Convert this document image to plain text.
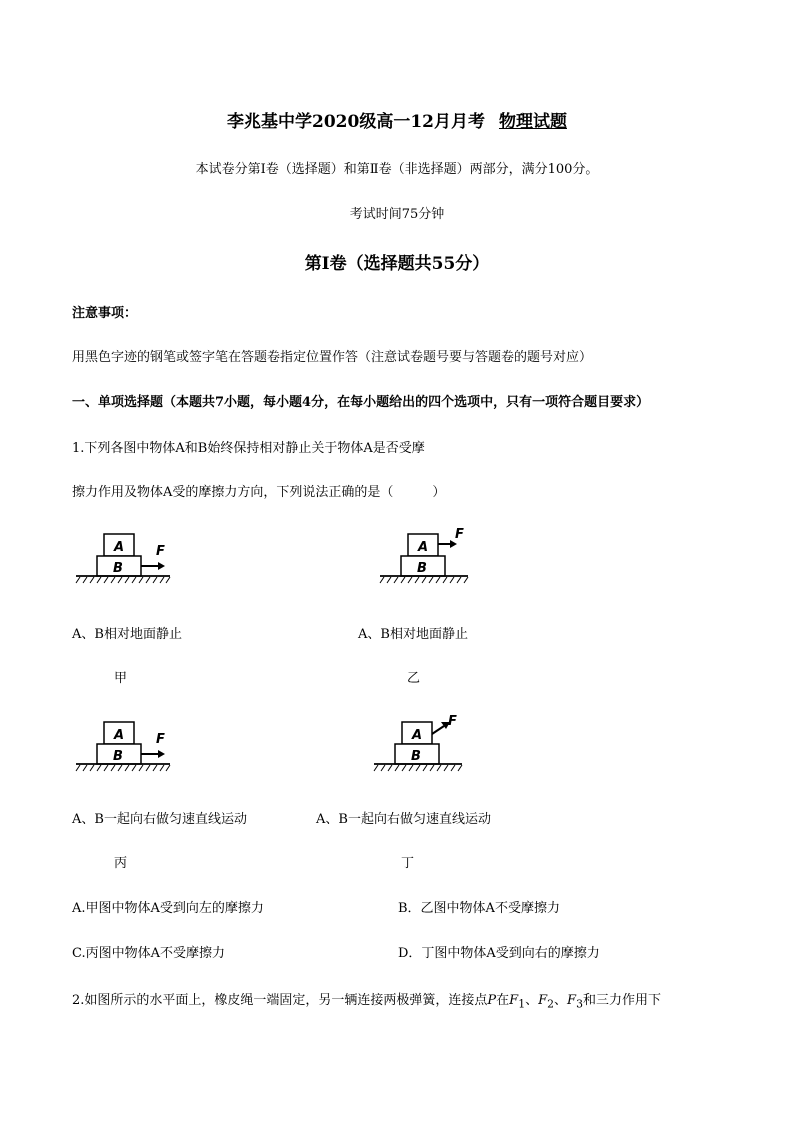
李兆基中学2020级高一12月月考 物理试题
本试卷分第Ⅰ卷（选择题）和第Ⅱ卷（非选择题）两部分，满分100分。
考试时间75分钟
第Ⅰ卷（选择题共55分）
注意事项：
用黑色字迹的钢笔或签字笔在答题卷指定位置作答（注意试卷题号要与答题卷的题号对应）
一、单项选择题（本题共7小题，每小题4分，在每小题给出的四个选项中，只有一项符合题目要求）
1.下列各图中物体A和B始终保持相对静止关于物体A是否受摩
擦力作用及物体A受的摩擦力方向，下列说法正确的是（　　　）
A
B
F	A
B
F
A、B相对地面静止	A、B相对地面静止
甲	乙
A
B
F	A
B
F
A、B一起向右做匀速直线运动	A、B一起向右做匀速直线运动
丙	丁
A.甲图中物体A受到向左的摩擦力	B．乙图中物体A不受摩擦力
C.丙图中物体A不受摩擦力	D．丁图中物体A受到向右的摩擦力
2.如图所示的水平面上，橡皮绳一端固定，另一辆连接两极弹簧，连接点P在$F_1$、$F_2$、$F_3$和三力作用下
